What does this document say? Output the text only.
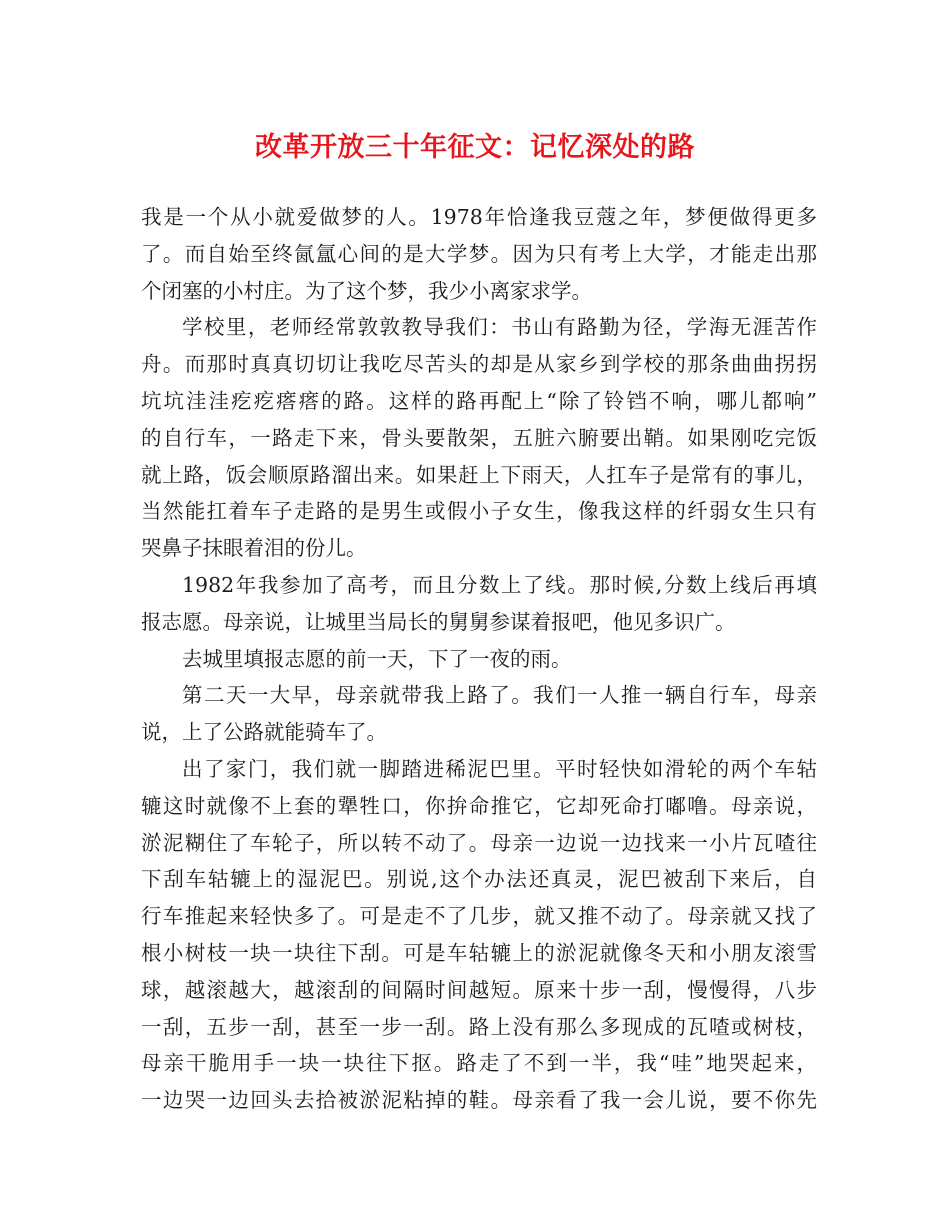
改革开放三十年征文：记忆深处的路

我是一个从小就爱做梦的人。1978年恰逢我豆蔻之年，梦便做得更多
了。而自始至终氤氲心间的是大学梦。因为只有考上大学，才能走出那
个闭塞的小村庄。为了这个梦，我少小离家求学。

学校里，老师经常敦敦教导我们：书山有路勤为径，学海无涯苦作
舟。而那时真真切切让我吃尽苦头的却是从家乡到学校的那条曲曲拐拐
坑坑洼洼疙疙瘩瘩的路。这样的路再配上“除了铃铛不响，哪儿都响”
的自行车，一路走下来，骨头要散架，五脏六腑要出鞘。如果刚吃完饭
就上路，饭会顺原路溜出来。如果赶上下雨天，人扛车子是常有的事儿，
当然能扛着车子走路的是男生或假小子女生，像我这样的纤弱女生只有
哭鼻子抹眼着泪的份儿。

1982年我参加了高考，而且分数上了线。那时候,分数上线后再填
报志愿。母亲说，让城里当局长的舅舅参谋着报吧，他见多识广。

去城里填报志愿的前一天，下了一夜的雨。

第二天一大早，母亲就带我上路了。我们一人推一辆自行车，母亲
说，上了公路就能骑车了。

出了家门，我们就一脚踏进稀泥巴里。平时轻快如滑轮的两个车轱
辘这时就像不上套的犟牲口，你拚命推它，它却死命打嘟噜。母亲说，
淤泥糊住了车轮子，所以转不动了。母亲一边说一边找来一小片瓦喳往
下刮车轱辘上的湿泥巴。别说,这个办法还真灵，泥巴被刮下来后，自
行车推起来轻快多了。可是走不了几步，就又推不动了。母亲就又找了
根小树枝一块一块往下刮。可是车轱辘上的淤泥就像冬天和小朋友滚雪
球，越滚越大，越滚刮的间隔时间越短。原来十步一刮，慢慢得，八步
一刮，五步一刮，甚至一步一刮。路上没有那么多现成的瓦喳或树枝，
母亲干脆用手一块一块往下抠。路走了不到一半，我“哇”地哭起来，
一边哭一边回头去拾被淤泥粘掉的鞋。母亲看了我一会儿说，要不你先
